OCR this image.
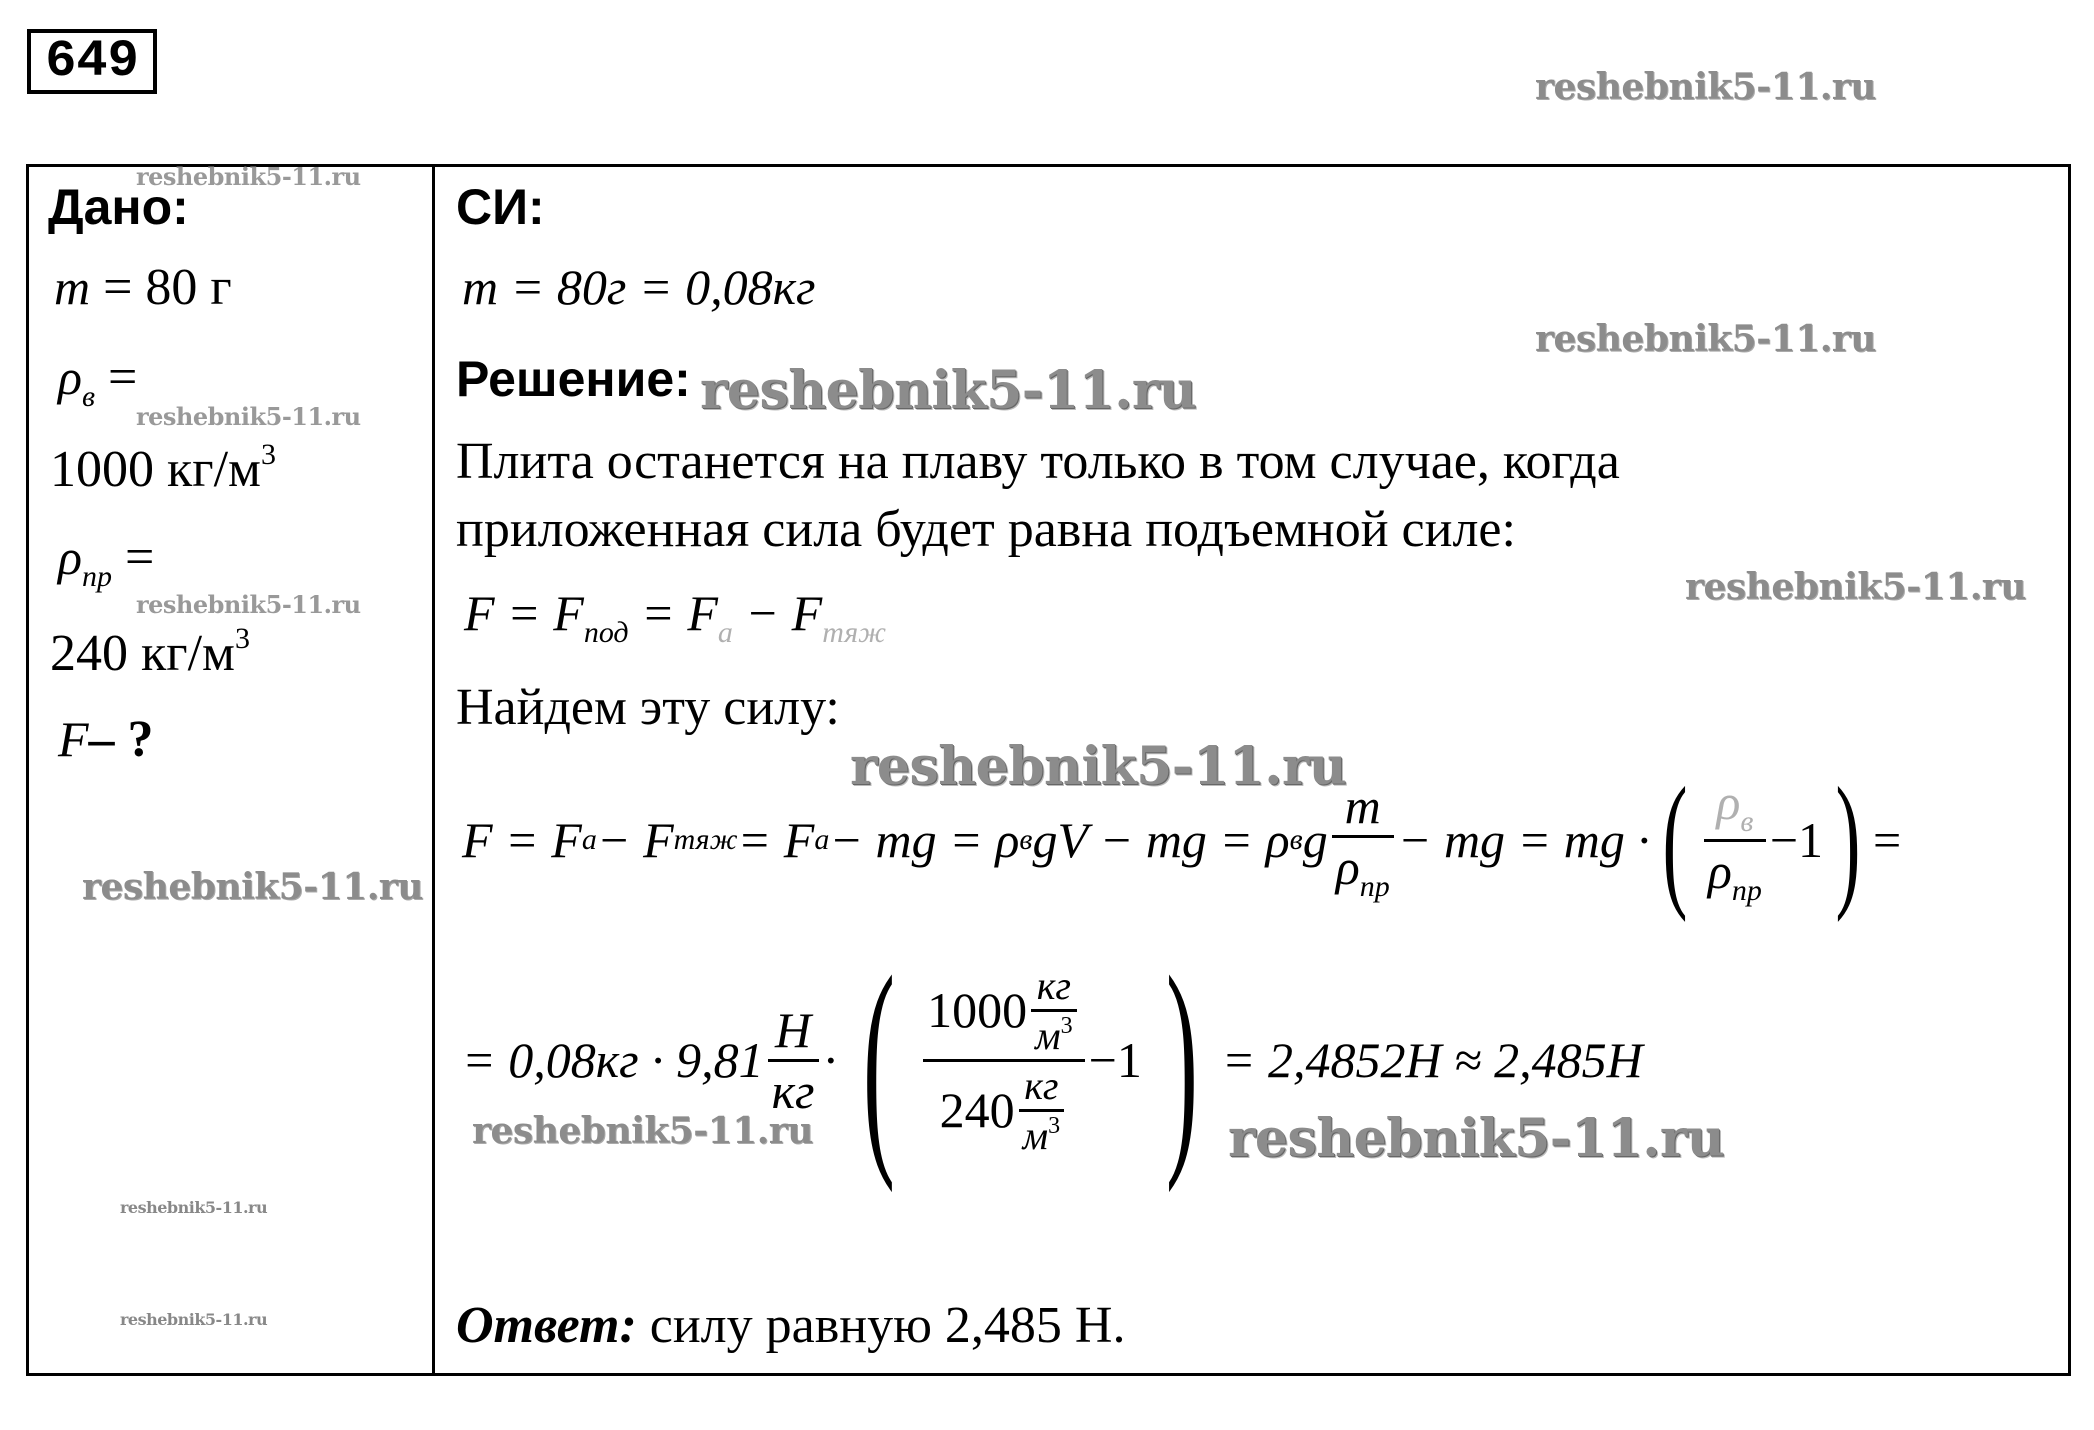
649	reshebnik5-11.ru
Дано:
reshebnik5-11.ru
m = 80 г
$\rho_в$ =
reshebnik5-11.ru
1000 $кг/м^3$
$\rho_{пр}$ =
reshebnik5-11.ru
240 $кг/м^3$
F– ?
reshebnik5-11.ru
reshebnik5-11.ru
reshebnik5-11.ru
СИ:
m = 80г = 0,08кг
reshebnik5-11.ru
Решение: reshebnik5-11.ru
Плита останется на плаву только в том случае, когда
приложенная сила будет равна подъемной силе:
reshebnik5-11.ru
$F = F_{под} = F_а - F_{тяж}$
Найдем эту силу:
reshebnik5-11.ru
F = F а − F тяж = F а − mg = ρ в gV − mg = ρ в g $\frac{m}{\rho_{пр}}$ − mg = mg · ( $\frac{\rho_в}{\rho_{пр}} -1$ ) =
= $0,08кг \cdot 9,81 \frac{Н}{кг}$ · ( $\frac{1000 \frac{кг}{м^3}}{240 \frac{кг}{м^3}} -1$ ) = 2,4852Н ≈ 2,485Н
reshebnik5-11.ru	reshebnik5-11.ru
Ответ: силу равную 2,485 Н.
